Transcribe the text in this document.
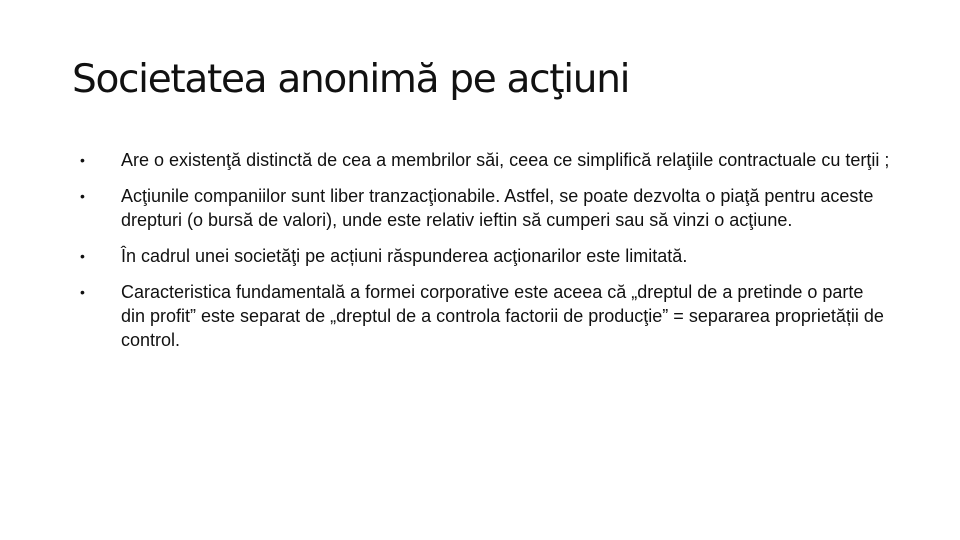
Societatea anonimă pe acţiuni
• Are o existenţă distinctă de cea a membrilor săi, ceea ce simplifică relaţiile contractuale cu terţii ;
• Acţiunile companiilor sunt liber tranzacţionabile. Astfel, se poate dezvolta o piaţă pentru aceste drepturi (o bursă de valori), unde este relativ ieftin să cumperi sau să vinzi o acţiune.
• În cadrul unei societăţi pe acțiuni răspunderea acţionarilor este limitată.
• Caracteristica fundamentală a formei corporative este aceea că „dreptul de a pretinde o parte din profit” este separat de „dreptul de a controla factorii de producţie” = separarea proprietății de control.
